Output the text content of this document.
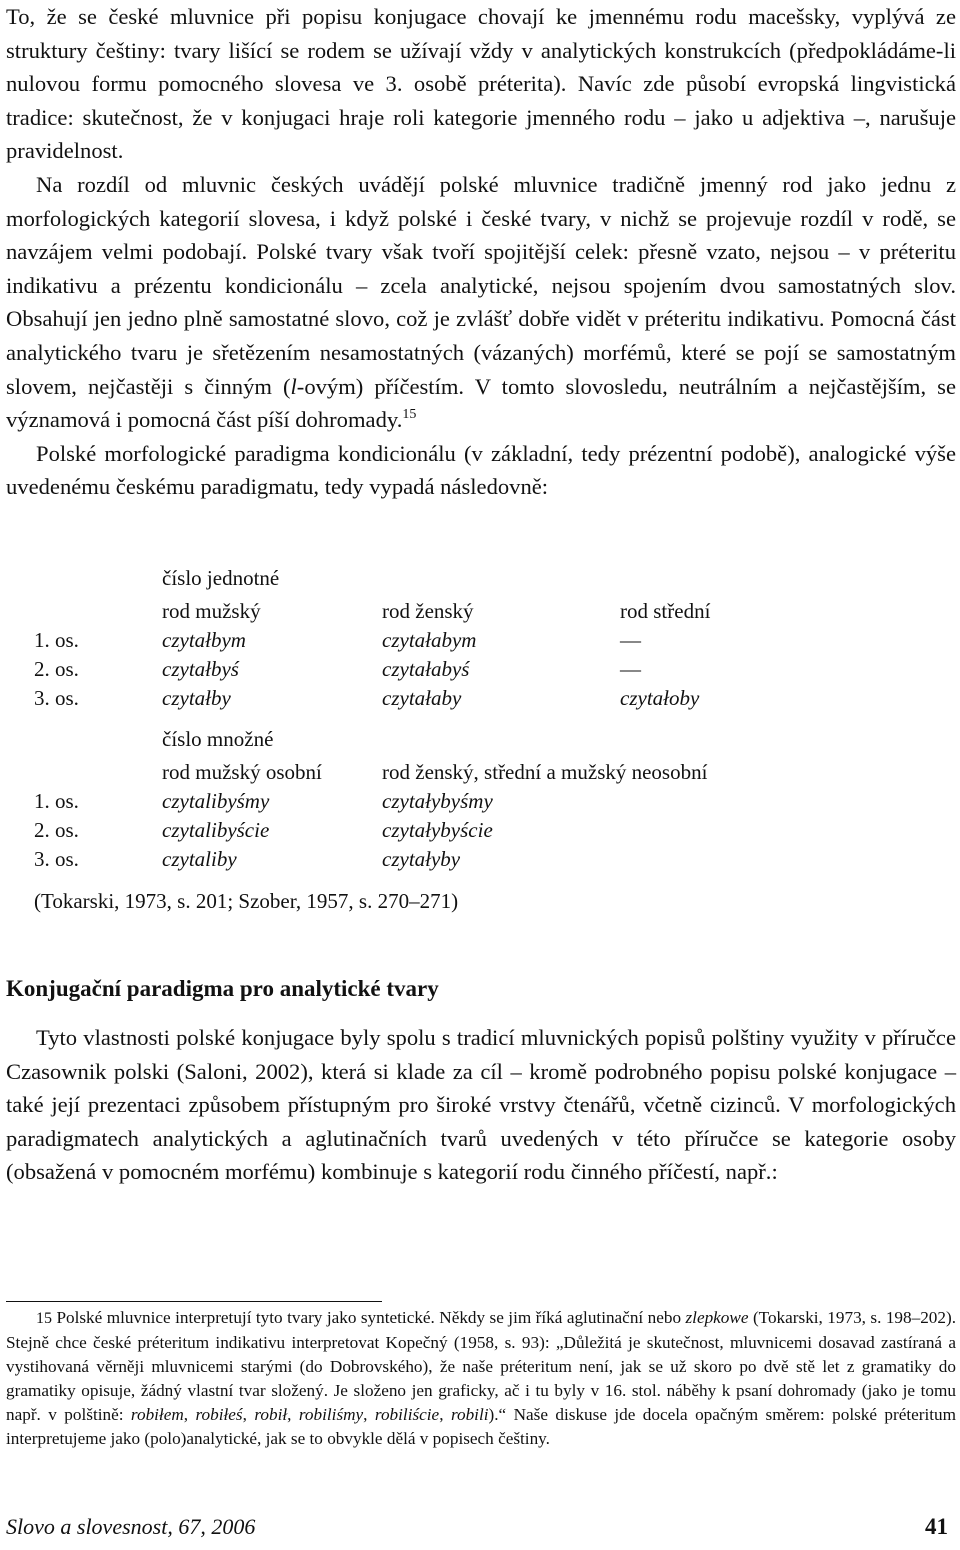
To, že se české mluvnice při popisu konjugace chovají ke jmennému rodu macešsky, vyplývá ze struktury češtiny: tvary lišící se rodem se užívají vždy v analytických konstrukcích (předpokládáme-li nulovou formu pomocného slovesa ve 3. osobě préterita). Navíc zde působí evropská lingvistická tradice: skutečnost, že v konjugaci hraje roli kategorie jmenného rodu – jako u adjektiva –, narušuje pravidelnost.

Na rozdíl od mluvnic českých uvádějí polské mluvnice tradičně jmenný rod jako jednu z morfologických kategorií slovesa, i když polské i české tvary, v nichž se projevuje rozdíl v rodě, se navzájem velmi podobají. Polské tvary však tvoří spojitější celek: přesně vzato, nejsou – v préteritu indikativu a prézentu kondicionálu – zcela analytické, nejsou spojením dvou samostatných slov. Obsahují jen jedno plně samostatné slovo, což je zvlášť dobře vidět v préteritu indikativu. Pomocná část analytického tvaru je sřetězením nesamostatných (vázaných) morfémů, které se pojí se samostatným slovem, nejčastěji s činným (l-ovým) příčestím. V tomto slovosledu, neutrálním a nejčastějším, se významová i pomocná část píší dohromady.$^{15}$

Polské morfologické paradigma kondicionálu (v základní, tedy prézentní podobě), analogické výše uvedenému českému paradigmatu, tedy vypadá následovně:

číslo jednotné
rod mužský	rod ženský	rod střední
1. os.	czytałbym	czytałabym	—
2. os.	czytałbyś	czytałabyś	—
3. os.	czytałby	czytałaby	czytałoby
číslo množné
rod mužský osobní	rod ženský, střední a mužský neosobní
1. os.	czytalibyśmy	czytałybyśmy
2. os.	czytalibyście	czytałybyście
3. os.	czytaliby	czytałyby
(Tokarski, 1973, s. 201; Szober, 1957, s. 270–271)
Konjugační paradigma pro analytické tvary

Tyto vlastnosti polské konjugace byly spolu s tradicí mluvnických popisů polštiny využity v příručce Czasownik polski (Saloni, 2002), která si klade za cíl – kromě podrobného popisu polské konjugace – také její prezentaci způsobem přístupným pro široké vrstvy čtenářů, včetně cizinců. V morfologických paradigmatech analytických a aglutinačních tvarů uvedených v této příručce se kategorie osoby (obsažená v pomocném morfému) kombinuje s kategorií rodu činného příčestí, např.:

15 Polské mluvnice interpretují tyto tvary jako syntetické. Někdy se jim říká aglutinační nebo zlepkowe (Tokarski, 1973, s. 198–202). Stejně chce české préteritum indikativu interpretovat Kopečný (1958, s. 93): „Důležitá je skutečnost, mluvnicemi dosavad zastíraná a vystihovaná věrněji mluvnicemi starými (do Dobrovského), že naše préteritum není, jak se už skoro po dvě stě let z gramatiky do gramatiky opisuje, žádný vlastní tvar složený. Je složeno jen graficky, ač i tu byly v 16. stol. náběhy k psaní dohromady (jako je tomu např. v polštině: robiłem, robiłeś, robił, robiliśmy, robiliście, robili).“ Naše diskuse jde docela opačným směrem: polské préteritum interpretujeme jako (polo)analytické, jak se to obvykle dělá v popisech češtiny.

Slovo a slovesnost, 67, 2006	41
